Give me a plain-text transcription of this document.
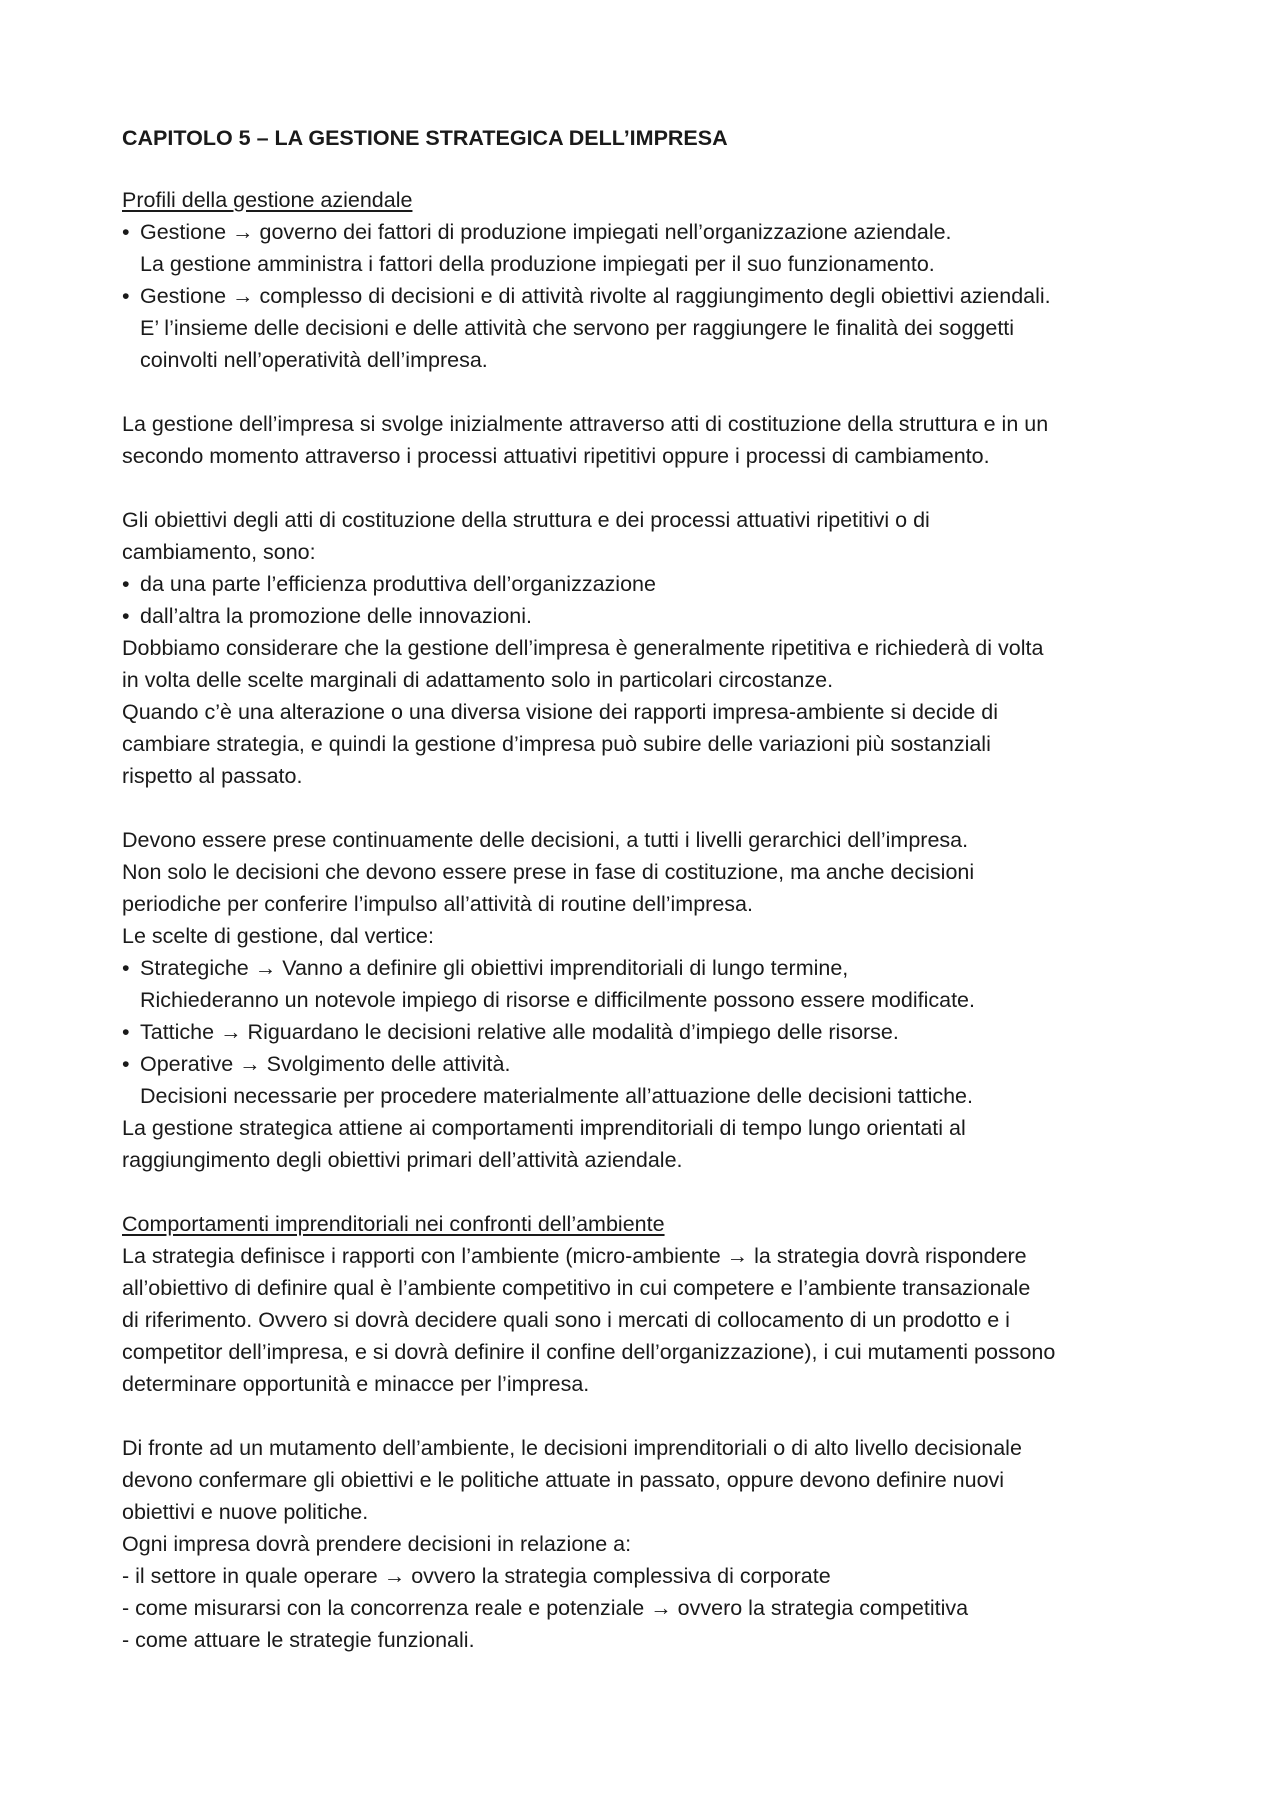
CAPITOLO 5 – LA GESTIONE STRATEGICA DELL’IMPRESA
Profili della gestione aziendale
• Gestione → governo dei fattori di produzione impiegati nell’organizzazione aziendale.
La gestione amministra i fattori della produzione impiegati per il suo funzionamento.
• Gestione → complesso di decisioni e di attività rivolte al raggiungimento degli obiettivi aziendali.
E’ l’insieme delle decisioni e delle attività che servono per raggiungere le finalità dei soggetti
coinvolti nell’operatività dell’impresa.
La gestione dell’impresa si svolge inizialmente attraverso atti di costituzione della struttura e in un
secondo momento attraverso i processi attuativi ripetitivi oppure i processi di cambiamento.
Gli obiettivi degli atti di costituzione della struttura e dei processi attuativi ripetitivi o di
cambiamento, sono:
• da una parte l’efficienza produttiva dell’organizzazione
• dall’altra la promozione delle innovazioni.
Dobbiamo considerare che la gestione dell’impresa è generalmente ripetitiva e richiederà di volta
in volta delle scelte marginali di adattamento solo in particolari circostanze.
Quando c’è una alterazione o una diversa visione dei rapporti impresa-ambiente si decide di
cambiare strategia, e quindi la gestione d’impresa può subire delle variazioni più sostanziali
rispetto al passato.
Devono essere prese continuamente delle decisioni, a tutti i livelli gerarchici dell’impresa.
Non solo le decisioni che devono essere prese in fase di costituzione, ma anche decisioni
periodiche per conferire l’impulso all’attività di routine dell’impresa.
Le scelte di gestione, dal vertice:
• Strategiche → Vanno a definire gli obiettivi imprenditoriali di lungo termine,
Richiederanno un notevole impiego di risorse e difficilmente possono essere modificate.
• Tattiche → Riguardano le decisioni relative alle modalità d’impiego delle risorse.
• Operative → Svolgimento delle attività.
Decisioni necessarie per procedere materialmente all’attuazione delle decisioni tattiche.
La gestione strategica attiene ai comportamenti imprenditoriali di tempo lungo orientati al
raggiungimento degli obiettivi primari dell’attività aziendale.
Comportamenti imprenditoriali nei confronti dell’ambiente
La strategia definisce i rapporti con l’ambiente (micro-ambiente → la strategia dovrà rispondere
all’obiettivo di definire qual è l’ambiente competitivo in cui competere e l’ambiente transazionale
di riferimento. Ovvero si dovrà decidere quali sono i mercati di collocamento di un prodotto e i
competitor dell’impresa, e si dovrà definire il confine dell’organizzazione), i cui mutamenti possono
determinare opportunità e minacce per l’impresa.
Di fronte ad un mutamento dell’ambiente, le decisioni imprenditoriali o di alto livello decisionale
devono confermare gli obiettivi e le politiche attuate in passato, oppure devono definire nuovi
obiettivi e nuove politiche.
Ogni impresa dovrà prendere decisioni in relazione a:
- il settore in quale operare → ovvero la strategia complessiva di corporate
- come misurarsi con la concorrenza reale e potenziale → ovvero la strategia competitiva
- come attuare le strategie funzionali.
